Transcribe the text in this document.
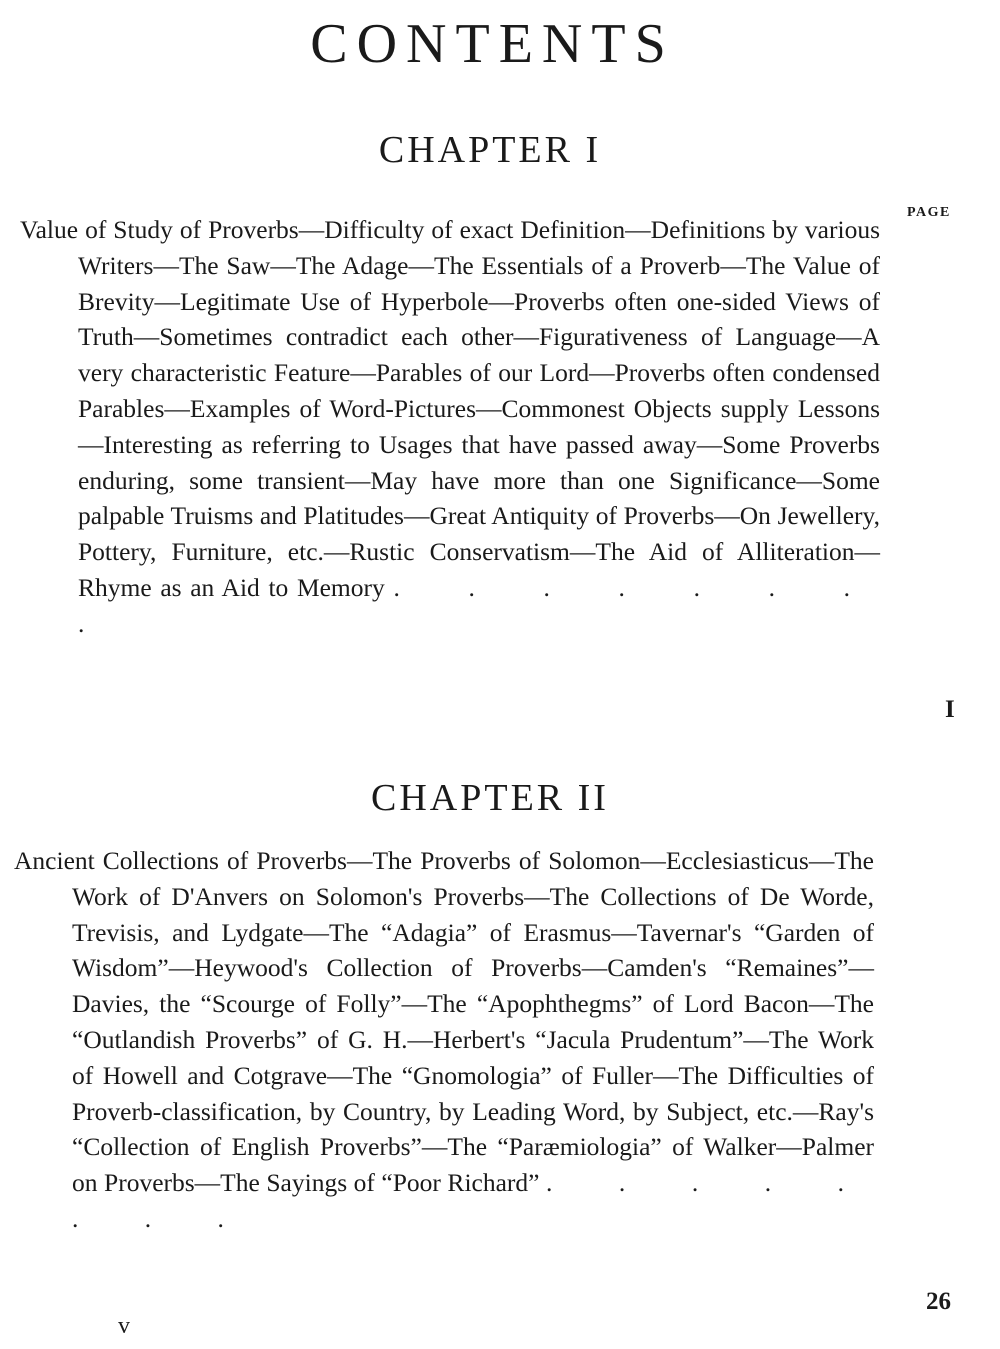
CONTENTS
CHAPTER I
PAGE
Value of Study of Proverbs—Difficulty of exact Definition—Definitions by various Writers—The Saw—The Adage—The Essentials of a Proverb—The Value of Brevity—Legitimate Use of Hyperbole—Proverbs often one-sided Views of Truth—Sometimes contradict each other—Figurativeness of Language—A very characteristic Feature—Parables of our Lord—Proverbs often condensed Parables—Examples of Word-Pictures—Commonest Objects supply Lessons—Interesting as referring to Usages that have passed away—Some Proverbs enduring, some transient—May have more than one Significance—Some palpable Truisms and Platitudes—Great Antiquity of Proverbs—On Jewellery, Pottery, Furniture, etc.—Rustic Conservatism—The Aid of Alliteration—Rhyme as an Aid to Memory . . . . . . . .
I
CHAPTER II
Ancient Collections of Proverbs—The Proverbs of Solomon—Ecclesiasticus—The Work of D'Anvers on Solomon's Proverbs—The Collections of De Worde, Trevisis, and Lydgate—The “Adagia” of Erasmus—Tavernar's “Garden of Wisdom”—Heywood's Collection of Proverbs—Camden's “Remaines”—Davies, the “Scourge of Folly”—The “Apophthegms” of Lord Bacon—The “Outlandish Proverbs” of G. H.—Herbert's “Jacula Prudentum”—The Work of Howell and Cotgrave—The “Gnomologia” of Fuller—The Difficulties of Proverb-classification, by Country, by Leading Word, by Subject, etc.—Ray's “Collection of English Proverbs”—The “Paræmiologia” of Walker—Palmer on Proverbs—The Sayings of “Poor Richard” . . . . . . . .
26
v
